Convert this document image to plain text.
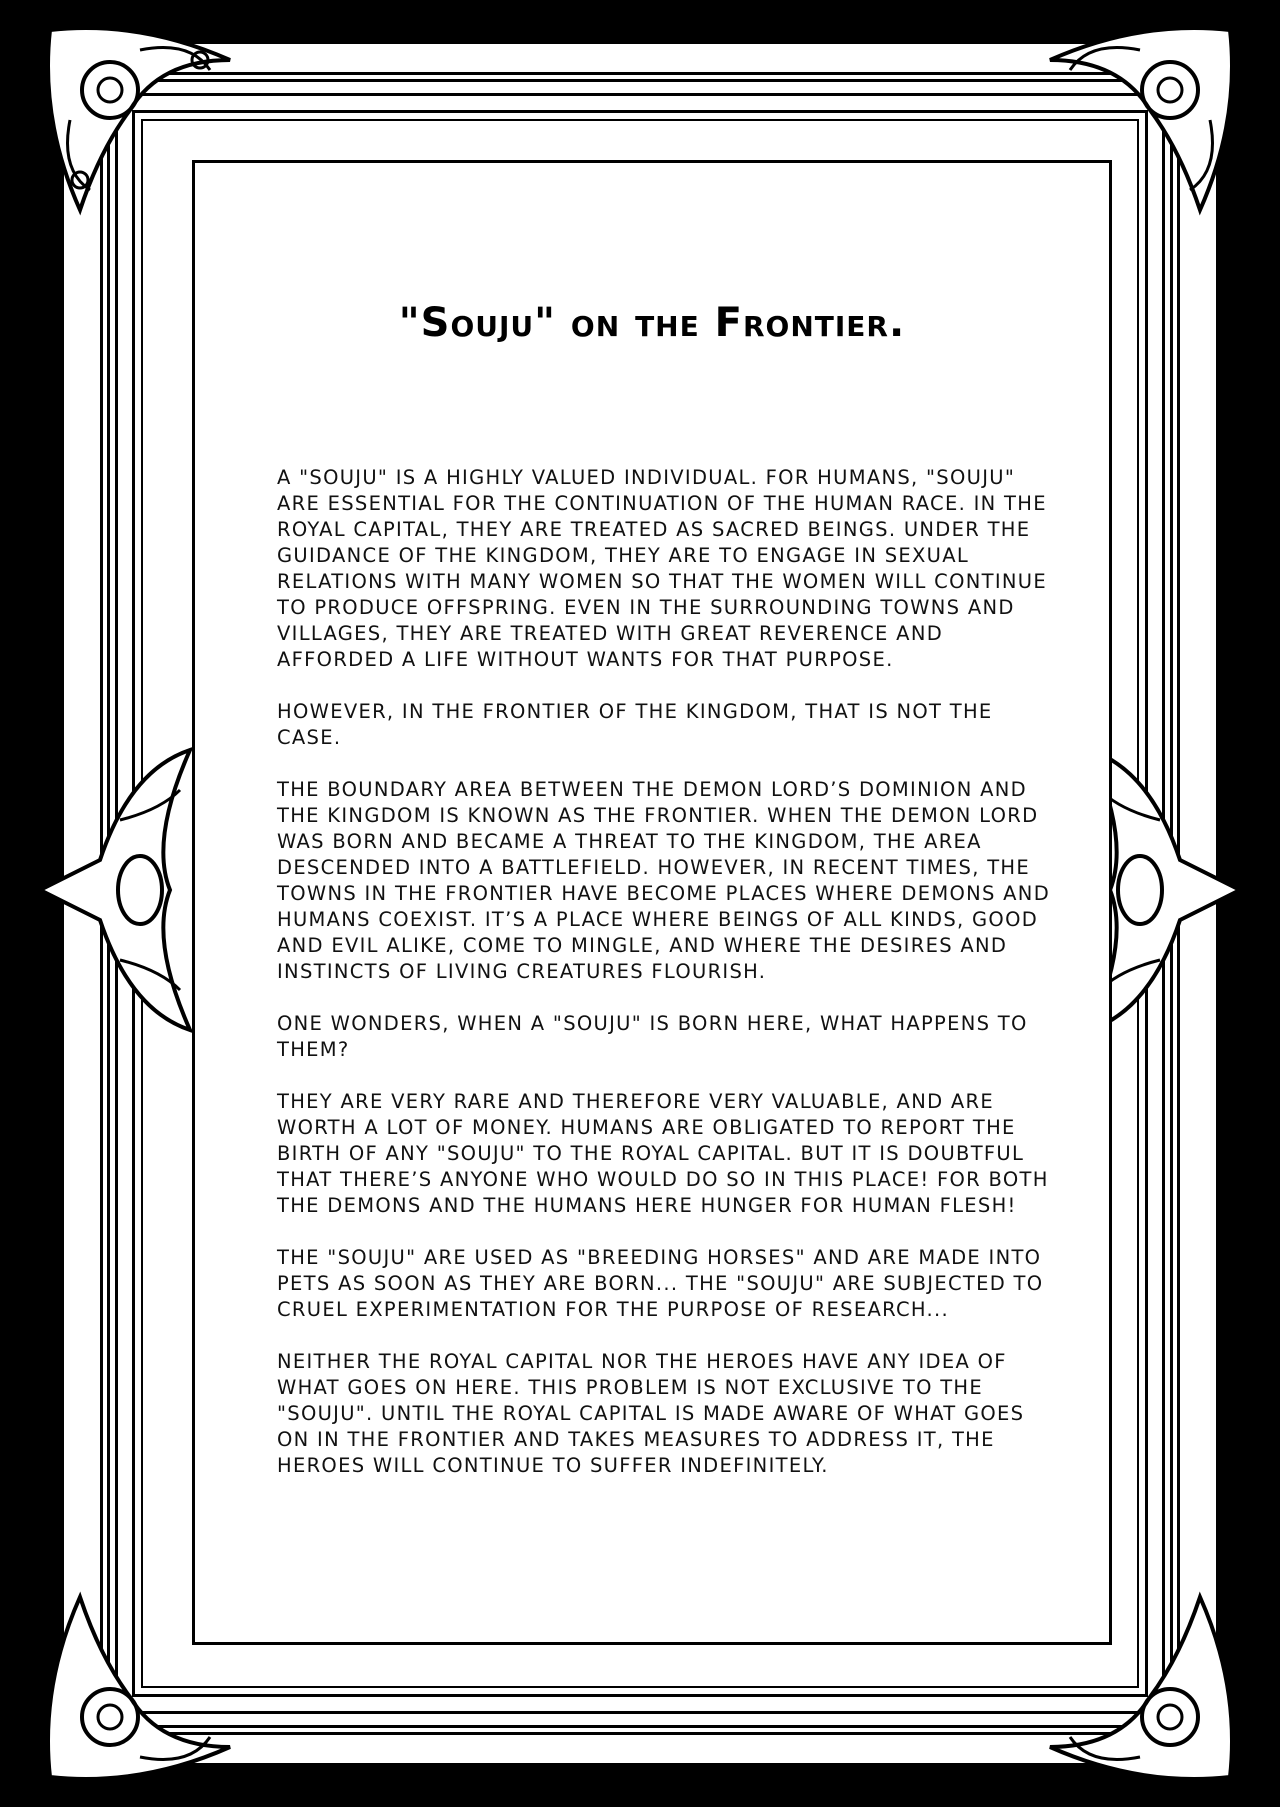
"Souju" on the Frontier.

A "SOUJU" IS A HIGHLY VALUED INDIVIDUAL. FOR HUMANS, "SOUJU" ARE ESSENTIAL FOR THE CONTINUATION OF THE HUMAN RACE. IN THE ROYAL CAPITAL, THEY ARE TREATED AS SACRED BEINGS. UNDER THE GUIDANCE OF THE KINGDOM, THEY ARE TO ENGAGE IN SEXUAL RELATIONS WITH MANY WOMEN SO THAT THE WOMEN WILL CONTINUE TO PRODUCE OFFSPRING. EVEN IN THE SURROUNDING TOWNS AND VILLAGES, THEY ARE TREATED WITH GREAT REVERENCE AND AFFORDED A LIFE WITHOUT WANTS FOR THAT PURPOSE.

HOWEVER, IN THE FRONTIER OF THE KINGDOM, THAT IS NOT THE CASE.

THE BOUNDARY AREA BETWEEN THE DEMON LORD’S DOMINION AND THE KINGDOM IS KNOWN AS THE FRONTIER. WHEN THE DEMON LORD WAS BORN AND BECAME A THREAT TO THE KINGDOM, THE AREA DESCENDED INTO A BATTLEFIELD. HOWEVER, IN RECENT TIMES, THE TOWNS IN THE FRONTIER HAVE BECOME PLACES WHERE DEMONS AND HUMANS COEXIST. IT’S A PLACE WHERE BEINGS OF ALL KINDS, GOOD AND EVIL ALIKE, COME TO MINGLE, AND WHERE THE DESIRES AND INSTINCTS OF LIVING CREATURES FLOURISH.

ONE WONDERS, WHEN A "SOUJU" IS BORN HERE, WHAT HAPPENS TO THEM?

THEY ARE VERY RARE AND THEREFORE VERY VALUABLE, AND ARE WORTH A LOT OF MONEY. HUMANS ARE OBLIGATED TO REPORT THE BIRTH OF ANY "SOUJU" TO THE ROYAL CAPITAL. BUT IT IS DOUBTFUL THAT THERE’S ANYONE WHO WOULD DO SO IN THIS PLACE! FOR BOTH THE DEMONS AND THE HUMANS HERE HUNGER FOR HUMAN FLESH!

THE "SOUJU" ARE USED AS "BREEDING HORSES" AND ARE MADE INTO PETS AS SOON AS THEY ARE BORN... THE "SOUJU" ARE SUBJECTED TO CRUEL EXPERIMENTATION FOR THE PURPOSE OF RESEARCH...

NEITHER THE ROYAL CAPITAL NOR THE HEROES HAVE ANY IDEA OF WHAT GOES ON HERE. THIS PROBLEM IS NOT EXCLUSIVE TO THE "SOUJU". UNTIL THE ROYAL CAPITAL IS MADE AWARE OF WHAT GOES ON IN THE FRONTIER AND TAKES MEASURES TO ADDRESS IT, THE HEROES WILL CONTINUE TO SUFFER INDEFINITELY.
